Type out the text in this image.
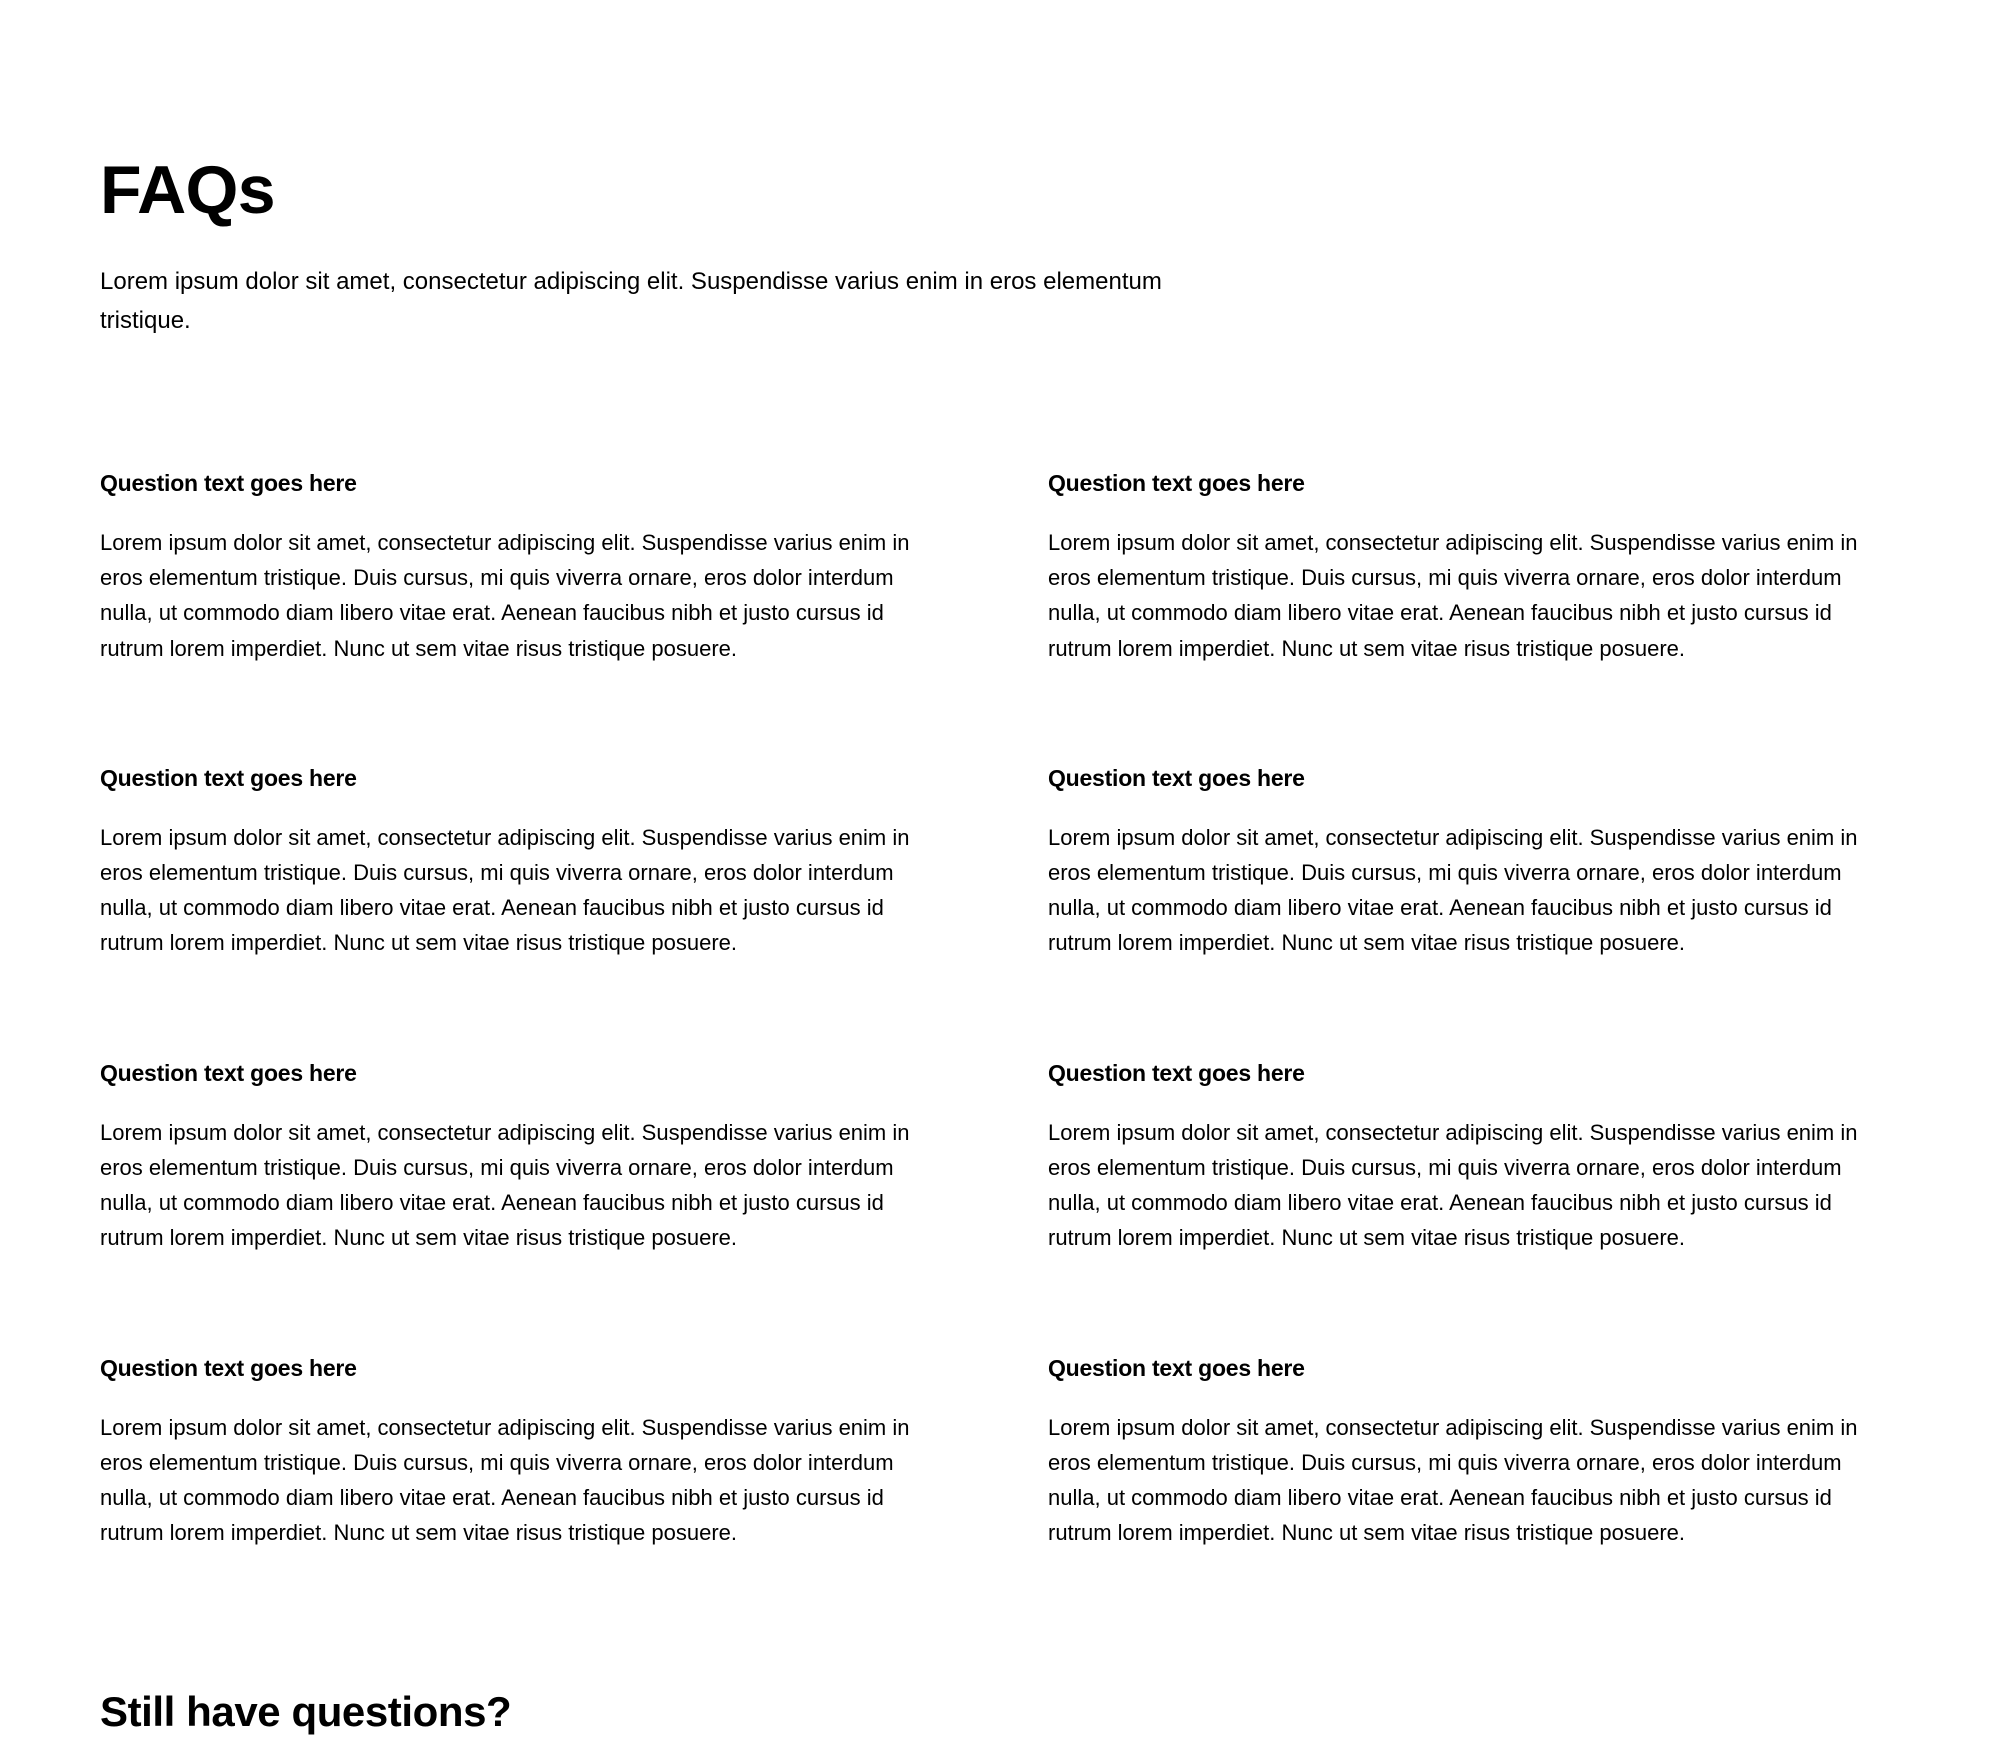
FAQs

Lorem ipsum dolor sit amet, consectetur adipiscing elit. Suspendisse varius enim in eros elementum tristique.

Question text goes here

Lorem ipsum dolor sit amet, consectetur adipiscing elit. Suspendisse varius enim in eros elementum tristique. Duis cursus, mi quis viverra ornare, eros dolor interdum nulla, ut commodo diam libero vitae erat. Aenean faucibus nibh et justo cursus id rutrum lorem imperdiet. Nunc ut sem vitae risus tristique posuere.

Question text goes here

Lorem ipsum dolor sit amet, consectetur adipiscing elit. Suspendisse varius enim in eros elementum tristique. Duis cursus, mi quis viverra ornare, eros dolor interdum nulla, ut commodo diam libero vitae erat. Aenean faucibus nibh et justo cursus id rutrum lorem imperdiet. Nunc ut sem vitae risus tristique posuere.

Question text goes here

Lorem ipsum dolor sit amet, consectetur adipiscing elit. Suspendisse varius enim in eros elementum tristique. Duis cursus, mi quis viverra ornare, eros dolor interdum nulla, ut commodo diam libero vitae erat. Aenean faucibus nibh et justo cursus id rutrum lorem imperdiet. Nunc ut sem vitae risus tristique posuere.

Question text goes here

Lorem ipsum dolor sit amet, consectetur adipiscing elit. Suspendisse varius enim in eros elementum tristique. Duis cursus, mi quis viverra ornare, eros dolor interdum nulla, ut commodo diam libero vitae erat. Aenean faucibus nibh et justo cursus id rutrum lorem imperdiet. Nunc ut sem vitae risus tristique posuere.

Question text goes here

Lorem ipsum dolor sit amet, consectetur adipiscing elit. Suspendisse varius enim in eros elementum tristique. Duis cursus, mi quis viverra ornare, eros dolor interdum nulla, ut commodo diam libero vitae erat. Aenean faucibus nibh et justo cursus id rutrum lorem imperdiet. Nunc ut sem vitae risus tristique posuere.

Question text goes here

Lorem ipsum dolor sit amet, consectetur adipiscing elit. Suspendisse varius enim in eros elementum tristique. Duis cursus, mi quis viverra ornare, eros dolor interdum nulla, ut commodo diam libero vitae erat. Aenean faucibus nibh et justo cursus id rutrum lorem imperdiet. Nunc ut sem vitae risus tristique posuere.

Question text goes here

Lorem ipsum dolor sit amet, consectetur adipiscing elit. Suspendisse varius enim in eros elementum tristique. Duis cursus, mi quis viverra ornare, eros dolor interdum nulla, ut commodo diam libero vitae erat. Aenean faucibus nibh et justo cursus id rutrum lorem imperdiet. Nunc ut sem vitae risus tristique posuere.

Question text goes here

Lorem ipsum dolor sit amet, consectetur adipiscing elit. Suspendisse varius enim in eros elementum tristique. Duis cursus, mi quis viverra ornare, eros dolor interdum nulla, ut commodo diam libero vitae erat. Aenean faucibus nibh et justo cursus id rutrum lorem imperdiet. Nunc ut sem vitae risus tristique posuere.

Still have questions?
